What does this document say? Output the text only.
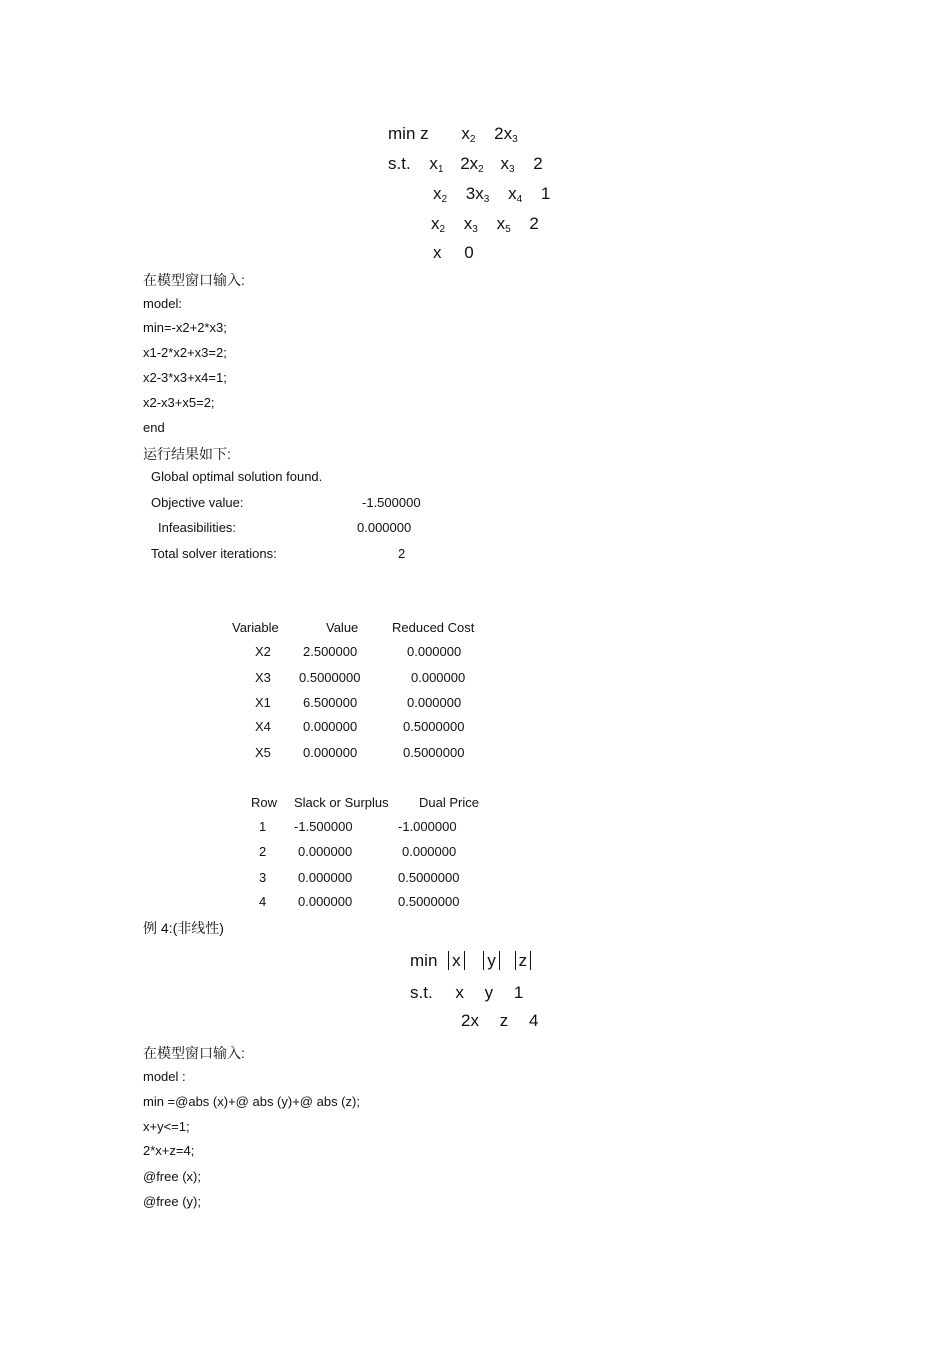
min z $x_2$ $2x_3$
s.t. $x_1$ $2x_2$ $x_3$ 2
$x_2$ $3x_3$ $x_4$ 1
$x_2$ $x_3$ $x_5$ 2
x 0
在模型窗口输入:
model:
min=-x2+2*x3;
x1-2*x2+x3=2;
x2-3*x3+x4=1;
x2-x3+x5=2;
end
运行结果如下:
Global optimal solution found.
Objective value:	-1.500000
Infeasibilities:	0.000000
Total solver iterations:	2
Variable	Value	Reduced Cost
X2 2.500000	0.000000
X3 0.5000000	0.000000
X1 6.500000	0.000000
X4 0.000000	0.5000000
X5 0.000000	0.5000000
Row Slack or Surplus Dual Price
1 -1.500000	-1.000000
2 0.000000	0.000000
3 0.000000	0.5000000
4 0.000000	0.5000000
例 4:(非线性)
min x y z
s.t. x y 1
2x z 4
在模型窗口输入:
model :
min =@abs (x)+@ abs (y)+@ abs (z);
x+y<=1;
2*x+z=4;
@free (x);
@free (y);
